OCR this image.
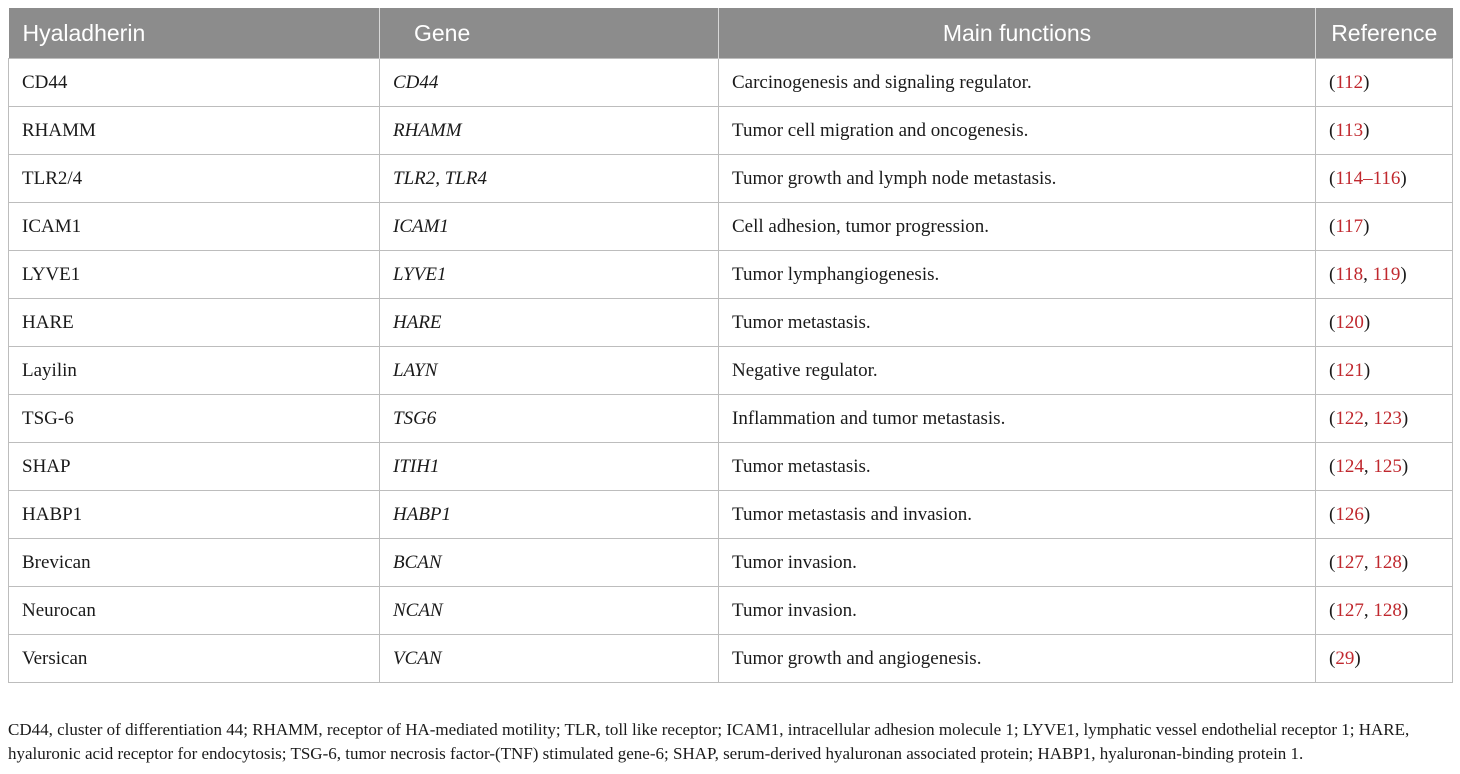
Hyaladherin	Gene	Main functions	Reference
CD44	CD44	Carcinogenesis and signaling regulator.	(112)
RHAMM	RHAMM	Tumor cell migration and oncogenesis.	(113)
TLR2/4	TLR2, TLR4	Tumor growth and lymph node metastasis.	(114–116)
ICAM1	ICAM1	Cell adhesion, tumor progression.	(117)
LYVE1	LYVE1	Tumor lymphangiogenesis.	(118, 119)
HARE	HARE	Tumor metastasis.	(120)
Layilin	LAYN	Negative regulator.	(121)
TSG-6	TSG6	Inflammation and tumor metastasis.	(122, 123)
SHAP	ITIH1	Tumor metastasis.	(124, 125)
HABP1	HABP1	Tumor metastasis and invasion.	(126)
Brevican	BCAN	Tumor invasion.	(127, 128)
Neurocan	NCAN	Tumor invasion.	(127, 128)
Versican	VCAN	Tumor growth and angiogenesis.	(29)
CD44, cluster of differentiation 44; RHAMM, receptor of HA-mediated motility; TLR, toll like receptor; ICAM1, intracellular adhesion molecule 1; LYVE1, lymphatic vessel endothelial receptor 1; HARE, hyaluronic acid receptor for endocytosis; TSG-6, tumor necrosis factor-(TNF) stimulated gene-6; SHAP, serum-derived hyaluronan associated protein; HABP1, hyaluronan-binding protein 1.
